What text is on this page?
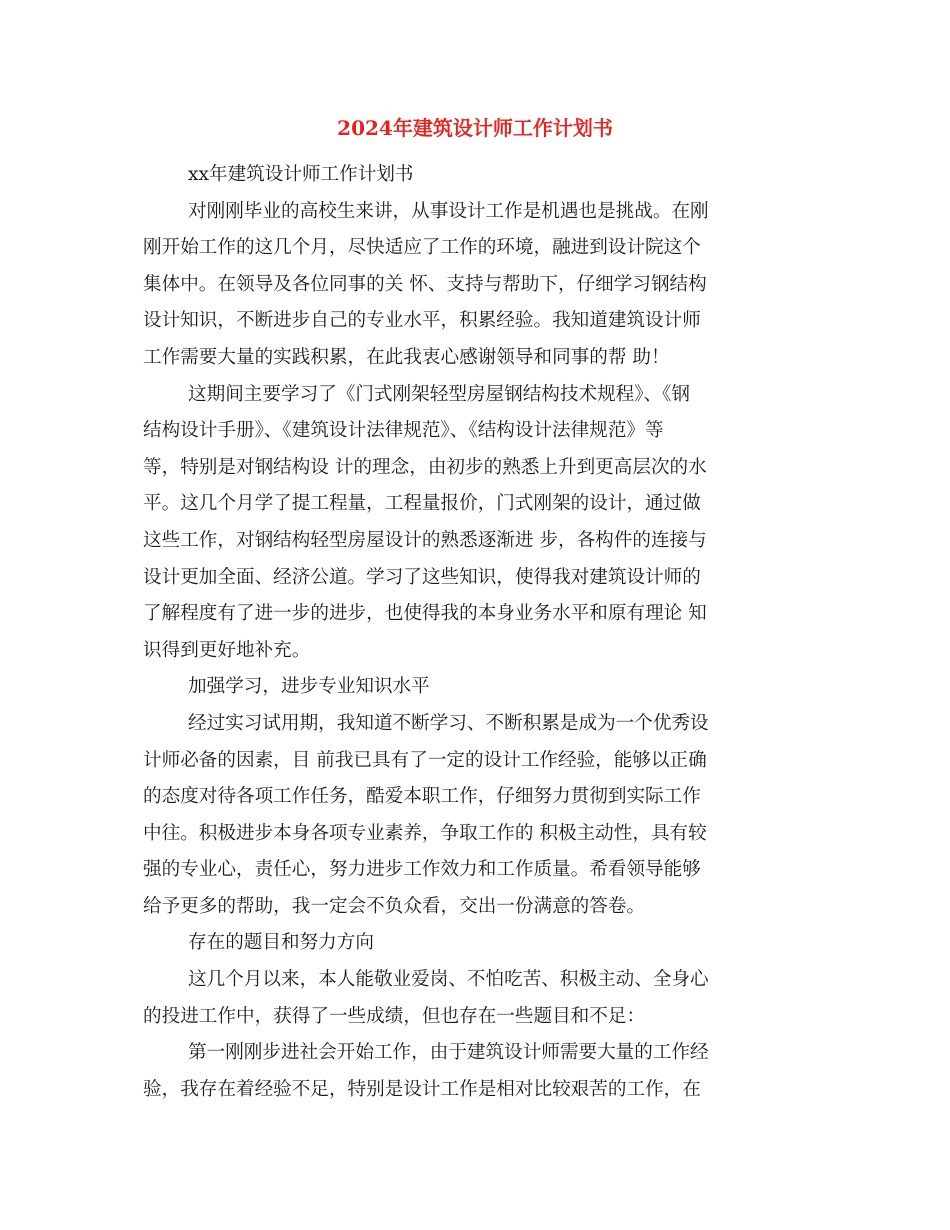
2024年建筑设计师工作计划书
xx年建筑设计师工作计划书
对刚刚毕业的高校生来讲，从事设计工作是机遇也是挑战。在刚
刚开始工作的这几个月，尽快适应了工作的环境，融进到设计院这个
集体中。在领导及各位同事的关 怀、支持与帮助下，仔细学习钢结构
设计知识，不断进步自己的专业水平，积累经验。我知道建筑设计师
工作需要大量的实践积累，在此我衷心感谢领导和同事的帮 助！
这期间主要学习了《门式刚架轻型房屋钢结构技术规程》、《钢
结构设计手册》、《建筑设计法律规范》、《结构设计法律规范》等
等，特别是对钢结构设 计的理念，由初步的熟悉上升到更高层次的水
平。这几个月学了提工程量，工程量报价，门式刚架的设计，通过做
这些工作，对钢结构轻型房屋设计的熟悉逐渐进 步，各构件的连接与
设计更加全面、经济公道。学习了这些知识，使得我对建筑设计师的
了解程度有了进一步的进步，也使得我的本身业务水平和原有理论 知
识得到更好地补充。
加强学习，进步专业知识水平
经过实习试用期，我知道不断学习、不断积累是成为一个优秀设
计师必备的因素，目 前我已具有了一定的设计工作经验，能够以正确
的态度对待各项工作任务，酷爱本职工作，仔细努力贯彻到实际工作
中往。积极进步本身各项专业素养，争取工作的 积极主动性，具有较
强的专业心，责任心，努力进步工作效力和工作质量。希看领导能够
给予更多的帮助，我一定会不负众看，交出一份满意的答卷。
存在的题目和努力方向
这几个月以来，本人能敬业爱岗、不怕吃苦、积极主动、全身心
的投进工作中，获得了一些成绩，但也存在一些题目和不足：
第一刚刚步进社会开始工作，由于建筑设计师需要大量的工作经
验，我存在着经验不足，特别是设计工作是相对比较艰苦的工作，在
